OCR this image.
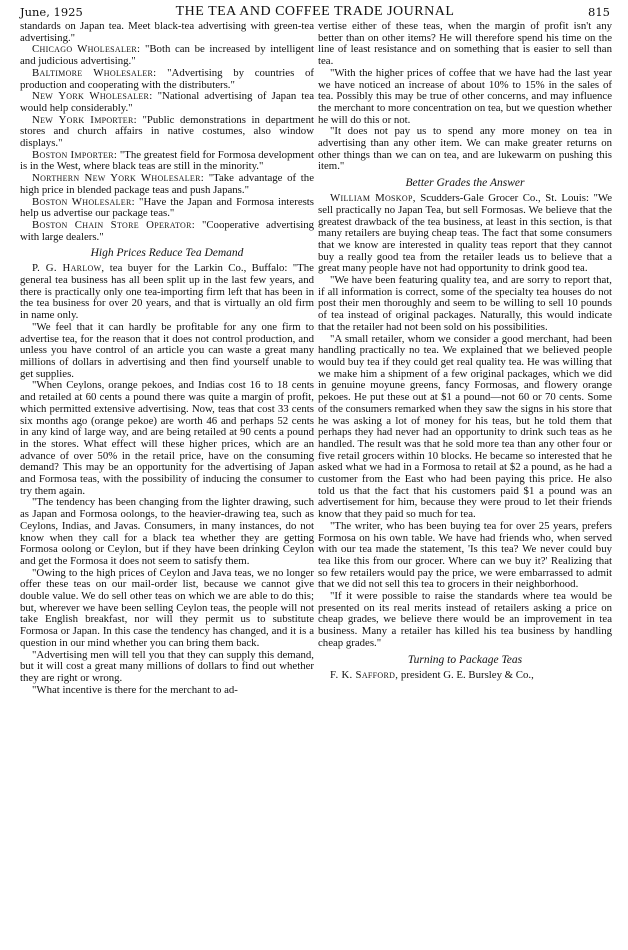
June, 1925	THE TEA AND COFFEE TRADE JOURNAL	815

standards on Japan tea. Meet black-tea advertising with green-tea advertising."

Chicago Wholesaler: "Both can be increased by intelligent and judicious advertising."

Baltimore Wholesaler: "Advertising by countries of production and cooperating with the distributers."

New York Wholesaler: "National advertising of Japan tea would help considerably."

New York Importer: "Public demonstrations in department stores and church affairs in native costumes, also window displays."

Boston Importer: "The greatest field for Formosa development is in the West, where black teas are still in the minority."

Northern New York Wholesaler: "Take advantage of the high price in blended package teas and push Japans."

Boston Wholesaler: "Have the Japan and Formosa interests help us advertise our package teas."

Boston Chain Store Operator: "Cooperative advertising with large dealers."

High Prices Reduce Tea Demand

P. G. Harlow, tea buyer for the Larkin Co., Buffalo: "The general tea business has all been split up in the last few years, and there is practically only one tea-importing firm left that has been in the tea business for over 20 years, and that is virtually an old firm in name only.

"We feel that it can hardly be profitable for any one firm to advertise tea, for the reason that it does not control production, and unless you have control of an article you can waste a great many millions of dollars in advertising and then find yourself unable to get supplies.

"When Ceylons, orange pekoes, and Indias cost 16 to 18 cents and retailed at 60 cents a pound there was quite a margin of profit, which permitted extensive advertising. Now, teas that cost 33 cents six months ago (orange pekoe) are worth 46 and perhaps 52 cents in any kind of large way, and are being retailed at 90 cents a pound in the stores. What effect will these higher prices, which are an advance of over 50% in the retail price, have on the consuming demand? This may be an opportunity for the advertising of Japan and Formosa teas, with the possibility of inducing the consumer to try them again.

"The tendency has been changing from the lighter drawing, such as Japan and Formosa oolongs, to the heavier-drawing tea, such as Ceylons, Indias, and Javas. Consumers, in many instances, do not know when they call for a black tea whether they are getting Formosa oolong or Ceylon, but if they have been drinking Ceylon and get the Formosa it does not seem to satisfy them.

"Owing to the high prices of Ceylon and Java teas, we no longer offer these teas on our mail-order list, because we cannot give double value. We do sell other teas on which we are able to do this; but, wherever we have been selling Ceylon teas, the people will not take English breakfast, nor will they permit us to substitute Formosa or Japan. In this case the tendency has changed, and it is a question in our mind whether you can bring them back.

"Advertising men will tell you that they can supply this demand, but it will cost a great many millions of dollars to find out whether they are right or wrong.

"What incentive is there for the merchant to ad-

vertise either of these teas, when the margin of profit isn't any better than on other items? He will therefore spend his time on the line of least resistance and on something that is easier to sell than tea.

"With the higher prices of coffee that we have had the last year we have noticed an increase of about 10% to 15% in the sales of tea. Possibly this may be true of other concerns, and may influence the merchant to more concentration on tea, but we question whether he will do this or not.

"It does not pay us to spend any more money on tea in advertising than any other item. We can make greater returns on other things than we can on tea, and are lukewarm on pushing this item."

Better Grades the Answer

William Moskop, Scudders-Gale Grocer Co., St. Louis: "We sell practically no Japan Tea, but sell Formosas. We believe that the greatest drawback of the tea business, at least in this section, is that many retailers are buying cheap teas. The fact that some consumers that we know are interested in quality teas report that they cannot buy a really good tea from the retailer leads us to believe that a great many people have not had opportunity to drink good tea.

"We have been featuring quality tea, and are sorry to report that, if all information is correct, some of the specialty tea houses do not post their men thoroughly and seem to be willing to sell 10 pounds of tea instead of original packages. Naturally, this would indicate that the retailer had not been sold on his possibilities.

"A small retailer, whom we consider a good merchant, had been handling practically no tea. We explained that we believed people would buy tea if they could get real quality tea. He was willing that we make him a shipment of a few original packages, which we did in genuine moyune greens, fancy Formosas, and flowery orange pekoes. He put these out at $1 a pound—not 60 or 70 cents. Some of the consumers remarked when they saw the signs in his store that he was asking a lot of money for his teas, but he told them that perhaps they had never had an opportunity to drink such teas as he handled. The result was that he sold more tea than any other four or five retail grocers within 10 blocks. He became so interested that he asked what we had in a Formosa to retail at $2 a pound, as he had a customer from the East who had been paying this price. He also told us that the fact that his customers paid $1 a pound was an advertisement for him, because they were proud to let their friends know that they paid so much for tea.

"The writer, who has been buying tea for over 25 years, prefers Formosa on his own table. We have had friends who, when served with our tea made the statement, 'Is this tea? We never could buy tea like this from our grocer. Where can we buy it?' Realizing that so few retailers would pay the price, we were embarrassed to admit that we did not sell this tea to grocers in their neighborhood.

"If it were possible to raise the standards where tea would be presented on its real merits instead of retailers asking a price on cheap grades, we believe there would be an improvement in tea business. Many a retailer has killed his tea business by handling cheap grades."

Turning to Package Teas

F. K. Safford, president G. E. Bursley & Co.,
